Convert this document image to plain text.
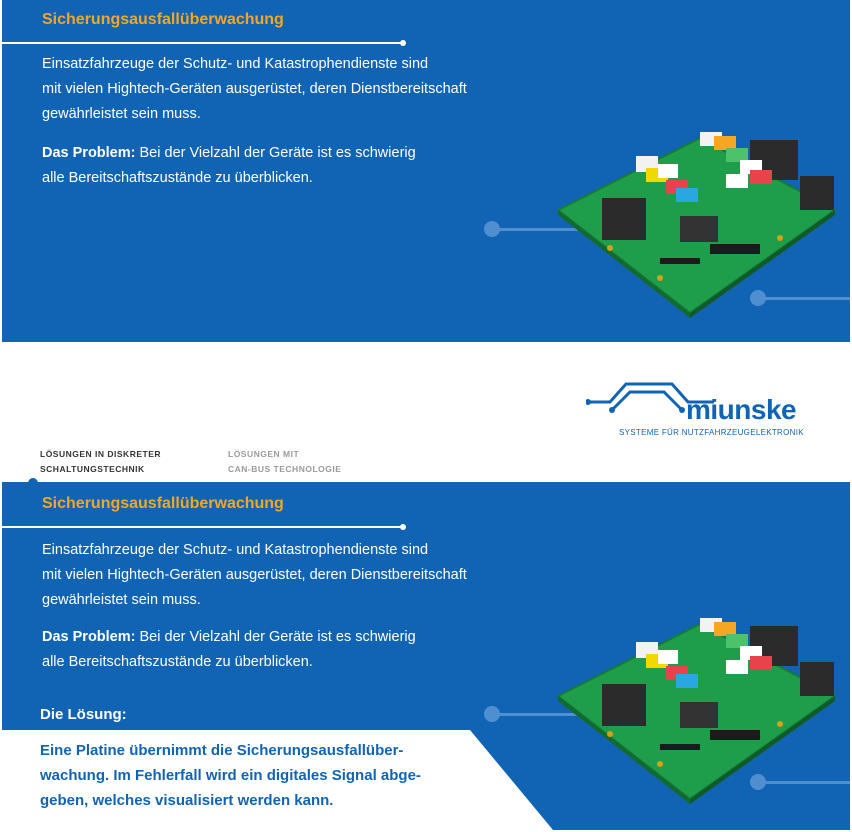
Sicherungsausfallüberwachung

Einsatzfahrzeuge der Schutz- und Katastrophendienste sind
mit vielen Hightech-Geräten ausgerüstet, deren Dienstbereitschaft
gewährleistet sein muss.

Das Problem: Bei der Vielzahl der Geräte ist es schwierig
alle Bereitschaftszustände zu überblicken.

miunske
SYSTEME FÜR NUTZFAHRZEUGELEKTRONIK
LÖSUNGEN IN DISKRETER
SCHALTUNGSTECHNIK
LÖSUNGEN MIT
CAN-BUS TECHNOLOGIE
Sicherungsausfallüberwachung

Einsatzfahrzeuge der Schutz- und Katastrophendienste sind
mit vielen Hightech-Geräten ausgerüstet, deren Dienstbereitschaft
gewährleistet sein muss.

Das Problem: Bei der Vielzahl der Geräte ist es schwierig
alle Bereitschaftszustände zu überblicken.

Die Lösung:

Eine Platine übernimmt die Sicherungsausfallüber-
wachung. Im Fehlerfall wird ein digitales Signal abge-
geben, welches visualisiert werden kann.
